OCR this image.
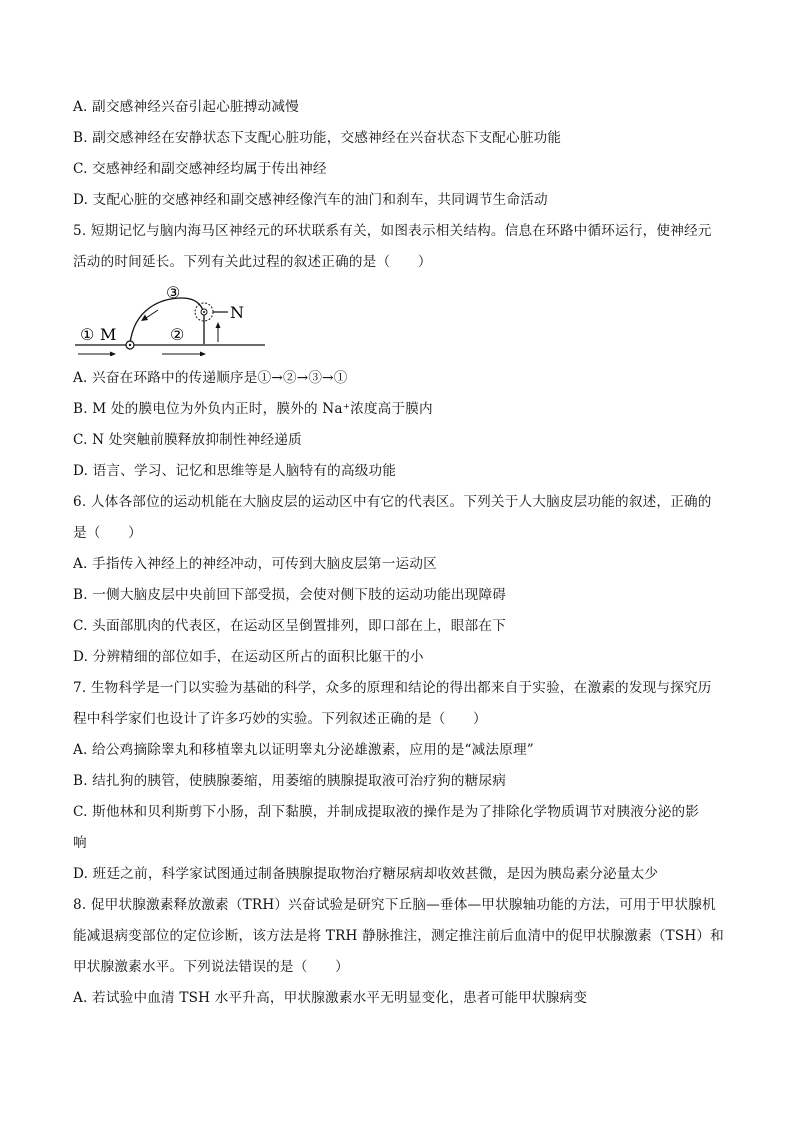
A. 副交感神经兴奋引起心脏搏动减慢
B. 副交感神经在安静状态下支配心脏功能，交感神经在兴奋状态下支配心脏功能
C. 交感神经和副交感神经均属于传出神经
D. 支配心脏的交感神经和副交感神经像汽车的油门和刹车，共同调节生命活动
5. 短期记忆与脑内海马区神经元的环状联系有关，如图表示相关结构。信息在环路中循环运行，使神经元
活动的时间延长。下列有关此过程的叙述正确的是（　　）
① M	②
③
N
A. 兴奋在环路中的传递顺序是①→②→③→①
B. M 处的膜电位为外负内正时，膜外的 Na⁺浓度高于膜内
C. N 处突触前膜释放抑制性神经递质
D. 语言、学习、记忆和思维等是人脑特有的高级功能
6. 人体各部位的运动机能在大脑皮层的运动区中有它的代表区。下列关于人大脑皮层功能的叙述，正确的
是（　　）
A. 手指传入神经上的神经冲动，可传到大脑皮层第一运动区
B. 一侧大脑皮层中央前回下部受损，会使对侧下肢的运动功能出现障碍
C. 头面部肌肉的代表区，在运动区呈倒置排列，即口部在上，眼部在下
D. 分辨精细的部位如手，在运动区所占的面积比躯干的小
7. 生物科学是一门以实验为基础的科学，众多的原理和结论的得出都来自于实验，在激素的发现与探究历
程中科学家们也设计了许多巧妙的实验。下列叙述正确的是（　　）
A. 给公鸡摘除睾丸和移植睾丸以证明睾丸分泌雄激素，应用的是“减法原理”
B. 结扎狗的胰管，使胰腺萎缩，用萎缩的胰腺提取液可治疗狗的糖尿病
C. 斯他林和贝利斯剪下小肠，刮下黏膜，并制成提取液的操作是为了排除化学物质调节对胰液分泌的影
响
D. 班廷之前，科学家试图通过制备胰腺提取物治疗糖尿病却收效甚微，是因为胰岛素分泌量太少
8. 促甲状腺激素释放激素（TRH）兴奋试验是研究下丘脑—垂体—甲状腺轴功能的方法，可用于甲状腺机
能减退病变部位的定位诊断，该方法是将 TRH 静脉推注，测定推注前后血清中的促甲状腺激素（TSH）和
甲状腺激素水平。下列说法错误的是（　　）
A. 若试验中血清 TSH 水平升高，甲状腺激素水平无明显变化，患者可能甲状腺病变
